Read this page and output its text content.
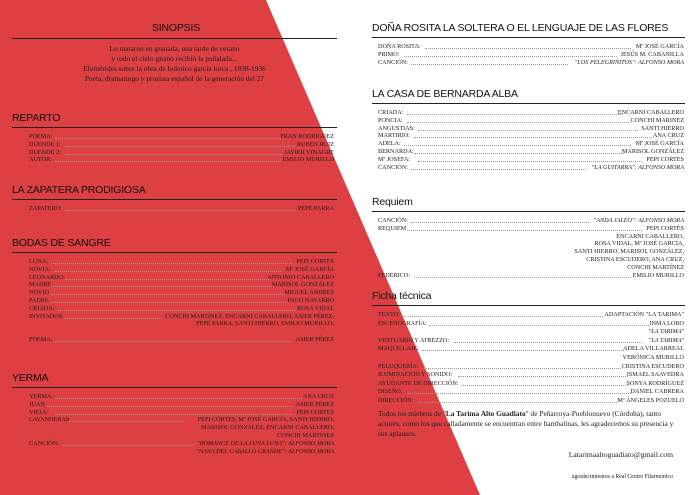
SINOPSIS
Lo mataron en granada, una tarde de verano
y todo el cielo gitano recibió la puñalada...
Efemérides sobre la obra de federico garcía lorca , 1898-1936
Poeta, dramaturgo y prosista español de la generación del 27
REPARTO
POEMA:	FRAN RODRIGUEZ
DUENDE 1:	RUBEN RUIZ
DUENDE 2:	JAVIER VINAGRE
AUTOR:	EMILIO MURILLO
LA ZAPATERA PRODIGIOSA
ZAPATERO:	PEPE PARRA
BODAS DE SANGRE
LUNA:	PEPI CORTES
NOVIA:	Mª JOSÉ GARCÍA
LEONARDO:	ANTONIO CABALLERO
MADRE	MARISOL GONZÁLEZ
NOVIO	MIGUEL ANDRES
PADRE	PACO NAVARRO
CRIADA:	ROSA VIDAL
INVITADOS	CONCHI MARTÍNEZ, ENCARNI CABALLERO, ASIER PÉREZ,
PEPE PARRA, SANTI HIERRO, EMILIO MURILLO,
POEMA:	ASIER PÉREZ
YERMA
YERMA:	ANA CRUZ
JUAN	ASIER PÉREZ
VIEJA:	PEPI CORTES
LAVANDERAS	PEPI CORTES, Mª JOSÉ GARCÍA, SANTI HIERRO,
MARISOL GONZÁLEZ, ENCARNI CABALLERO,
CONCHI MARTÍNEZ
CANCIÓN:	"ROMANCE DE LA LUNA LUNA": ALFONSO MORA
"NANA DEL CABALLO GRANDE": ALFONSO MORA
DOÑA ROSITA LA SOLTERA O EL LENGUAJE DE LAS FLORES
DOÑA ROSITA:	Mª JOSÉ GARCÍA
PRIMO:	JESÚS M. CABANILLA
CANCIÓN:	"LOS PELEGRINITOS": ALFONSO MORA
LA CASA DE BERNARDA ALBA
CRIADA:	ENCARNI CABALLERO
PONCIA:	CONCHI MARINEZ
ANGUSTIAS:	SANTI HIERRO
MARTIRIO:	ANA CRUZ
ADELA:	Mª JOSÉ GARCÍA
BERNARDA:	MARISOL GONZÁLEZ
Mª JOSEFA:	PEPI CORTES
CANCIÓN:	"LA GUITARRA": ALFONSO MORA
Requiem
CANCIÓN:	"ANDA JALEO": ALFONSO MORA
REQUIEM	PEPI CORTÉS
ENCARNI CABALLERO,
ROSA VIDAL, Mª JOSÉ GARCÍA,
SANTI HIERRO, MARISOL GONZÁLEZ,
CRISTINA ESCUDERO, ANA CRUZ,
CONCHI MARTÍNEZ
FEDERICO:	EMILIO MURILLO
Ficha técnica
TEXTO:	ADAPTACIÓN "LA TARIMA"
ESCENOGRAFÍA:	INMA LOBO
"LA TARIMA"
VESTUARIO Y ATREZZO:	"LA TARIMA"
MAQUILLAJE:	ADELA VILLARREAL
VERÓNICA MURILLO
PELUQUERÍA:	CRISTINA ESCUDERO
ILUMINACIÓN Y SONIDO:	ISMAEL SAAVEDRA
AYUDANTE DE DIRECCIÓN:	SONYA RODRÍGUEZ
DISEÑO:	DANIEL CABRERA
DIRECCIÓN:	Mª ÁNGELES POZUELO
Todos los miebros de "La Tarima Alto Guadiato" de Peñarroya-Pueblonuevo (Córdoba), tanto actores, como los que calladamente se encuentran entre bambalinas, les agradecemos su presencia y sus aplausos.
Latarimaaltoguadiato@gmail.com
agradecimientos a Real Centro Filarmónico
